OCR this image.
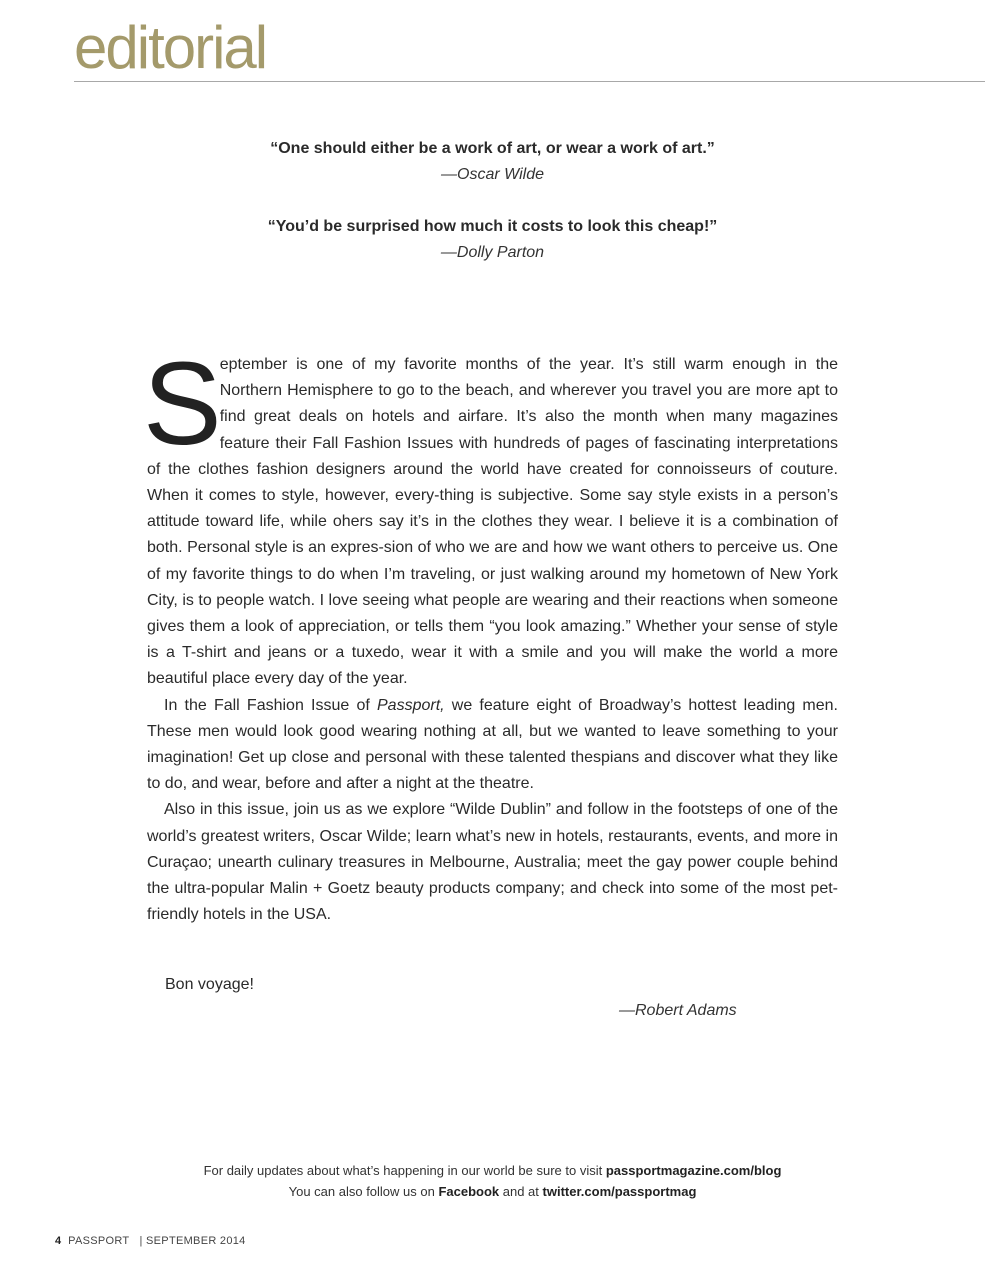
editorial
“One should either be a work of art, or wear a work of art.”
—Oscar Wilde
“You’d be surprised how much it costs to look this cheap!”
—Dolly Parton

September is one of my favorite months of the year. It’s still warm enough in the Northern Hemisphere to go to the beach, and wherever you travel you are more apt to find great deals on hotels and airfare. It’s also the month when many magazines feature their Fall Fashion Issues with hundreds of pages of fascinating interpretations of the clothes fashion designers around the world have created for connoisseurs of couture. When it comes to style, however, every-thing is subjective. Some say style exists in a person’s attitude toward life, while ohers say it’s in the clothes they wear. I believe it is a combination of both. Personal style is an expres-sion of who we are and how we want others to perceive us. One of my favorite things to do when I’m traveling, or just walking around my hometown of New York City, is to people watch. I love seeing what people are wearing and their reactions when someone gives them a look of appreciation, or tells them “you look amazing.” Whether your sense of style is a T-shirt and jeans or a tuxedo, wear it with a smile and you will make the world a more beautiful place every day of the year.

In the Fall Fashion Issue of Passport, we feature eight of Broadway’s hottest leading men. These men would look good wearing nothing at all, but we wanted to leave something to your imagination! Get up close and personal with these talented thespians and discover what they like to do, and wear, before and after a night at the theatre.

Also in this issue, join us as we explore “Wilde Dublin” and follow in the footsteps of one of the world’s greatest writers, Oscar Wilde; learn what’s new in hotels, restaurants, events, and more in Curaçao; unearth culinary treasures in Melbourne, Australia; meet the gay power couple behind the ultra-popular Malin + Goetz beauty products company; and check into some of the most pet-friendly hotels in the USA.

Bon voyage!
—Robert Adams
For daily updates about what’s happening in our world be sure to visit passportmagazine.com/blog
You can also follow us on Facebook and at twitter.com/passportmag
4 PASSPORT | SEPTEMBER 2014
